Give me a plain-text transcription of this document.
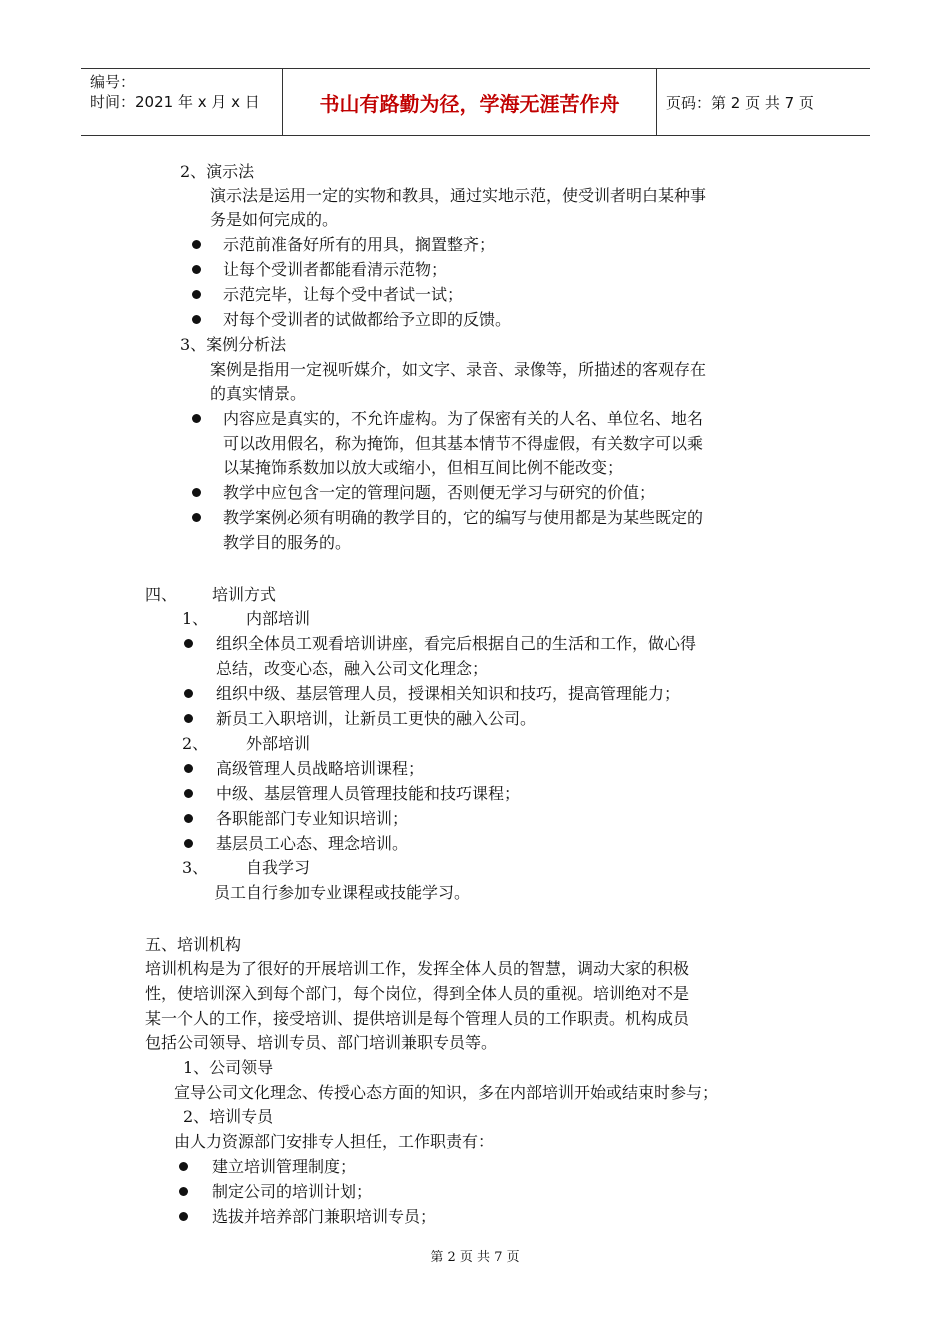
编号：
时间：2021 年 x 月 x 日	书山有路勤为径，学海无涯苦作舟	页码：第 2 页 共 7 页
2、演示法
演示法是运用一定的实物和教具，通过实地示范，使受训者明白某种事
务是如何完成的。
示范前准备好所有的用具，搁置整齐；
让每个受训者都能看清示范物；
示范完毕，让每个受中者试一试；
对每个受训者的试做都给予立即的反馈。
3、案例分析法
案例是指用一定视听媒介，如文字、录音、录像等，所描述的客观存在
的真实情景。
内容应是真实的，不允许虚构。为了保密有关的人名、单位名、地名
可以改用假名，称为掩饰，但其基本情节不得虚假，有关数字可以乘
以某掩饰系数加以放大或缩小，但相互间比例不能改变；
教学中应包含一定的管理问题，否则便无学习与研究的价值；
教学案例必须有明确的教学目的，它的编写与使用都是为某些既定的
教学目的服务的。
四、 培训方式
1、 内部培训
组织全体员工观看培训讲座，看完后根据自己的生活和工作，做心得
总结，改变心态，融入公司文化理念；
组织中级、基层管理人员，授课相关知识和技巧，提高管理能力；
新员工入职培训，让新员工更快的融入公司。
2、 外部培训
高级管理人员战略培训课程；
中级、基层管理人员管理技能和技巧课程；
各职能部门专业知识培训；
基层员工心态、理念培训。
3、 自我学习
员工自行参加专业课程或技能学习。
五、培训机构
培训机构是为了很好的开展培训工作，发挥全体人员的智慧，调动大家的积极
性，使培训深入到每个部门，每个岗位，得到全体人员的重视。培训绝对不是
某一个人的工作，接受培训、提供培训是每个管理人员的工作职责。机构成员
包括公司领导、培训专员、部门培训兼职专员等。
1、公司领导
宣导公司文化理念、传授心态方面的知识，多在内部培训开始或结束时参与；
2、培训专员
由人力资源部门安排专人担任，工作职责有：
建立培训管理制度；
制定公司的培训计划；
选拔并培养部门兼职培训专员；
第 2 页 共 7 页
